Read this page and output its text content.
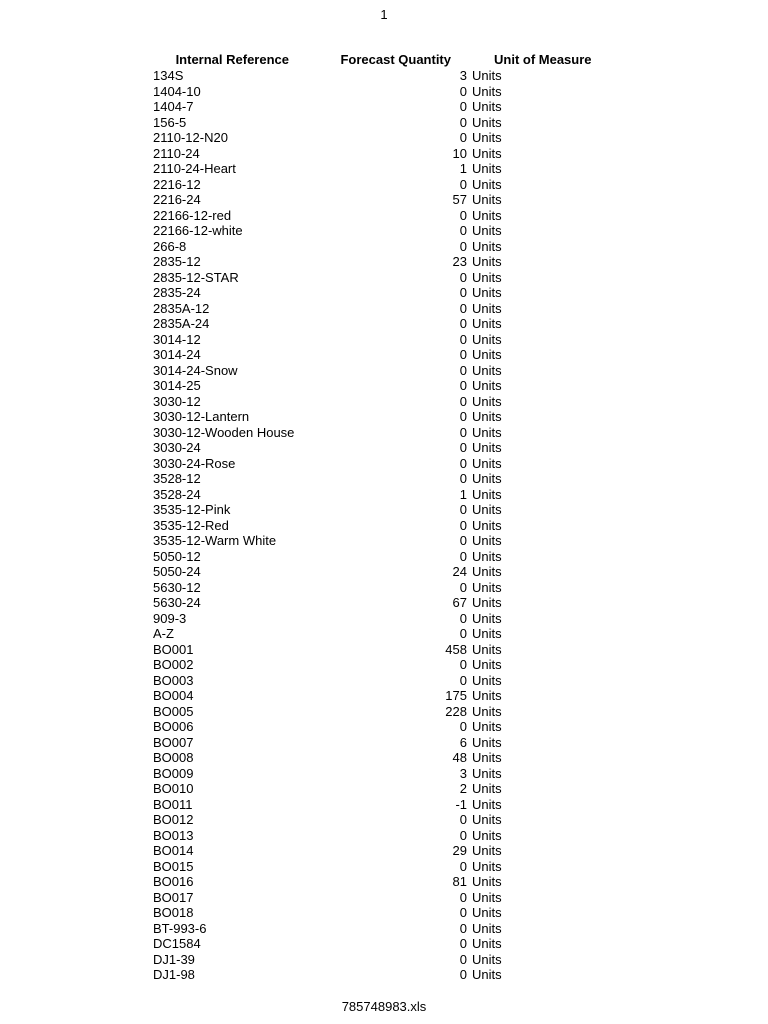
1
Internal Reference	Forecast Quantity	Unit of Measure
134S	3	Units
1404-10	0	Units
1404-7	0	Units
156-5	0	Units
2110-12-N20	0	Units
2110-24	10	Units
2110-24-Heart	1	Units
2216-12	0	Units
2216-24	57	Units
22166-12-red	0	Units
22166-12-white	0	Units
266-8	0	Units
2835-12	23	Units
2835-12-STAR	0	Units
2835-24	0	Units
2835A-12	0	Units
2835A-24	0	Units
3014-12	0	Units
3014-24	0	Units
3014-24-Snow	0	Units
3014-25	0	Units
3030-12	0	Units
3030-12-Lantern	0	Units
3030-12-Wooden House	0	Units
3030-24	0	Units
3030-24-Rose	0	Units
3528-12	0	Units
3528-24	1	Units
3535-12-Pink	0	Units
3535-12-Red	0	Units
3535-12-Warm White	0	Units
5050-12	0	Units
5050-24	24	Units
5630-12	0	Units
5630-24	67	Units
909-3	0	Units
A-Z	0	Units
BO001	458	Units
BO002	0	Units
BO003	0	Units
BO004	175	Units
BO005	228	Units
BO006	0	Units
BO007	6	Units
BO008	48	Units
BO009	3	Units
BO010	2	Units
BO011	-1	Units
BO012	0	Units
BO013	0	Units
BO014	29	Units
BO015	0	Units
BO016	81	Units
BO017	0	Units
BO018	0	Units
BT-993-6	0	Units
DC1584	0	Units
DJ1-39	0	Units
DJ1-98	0	Units
785748983.xls
